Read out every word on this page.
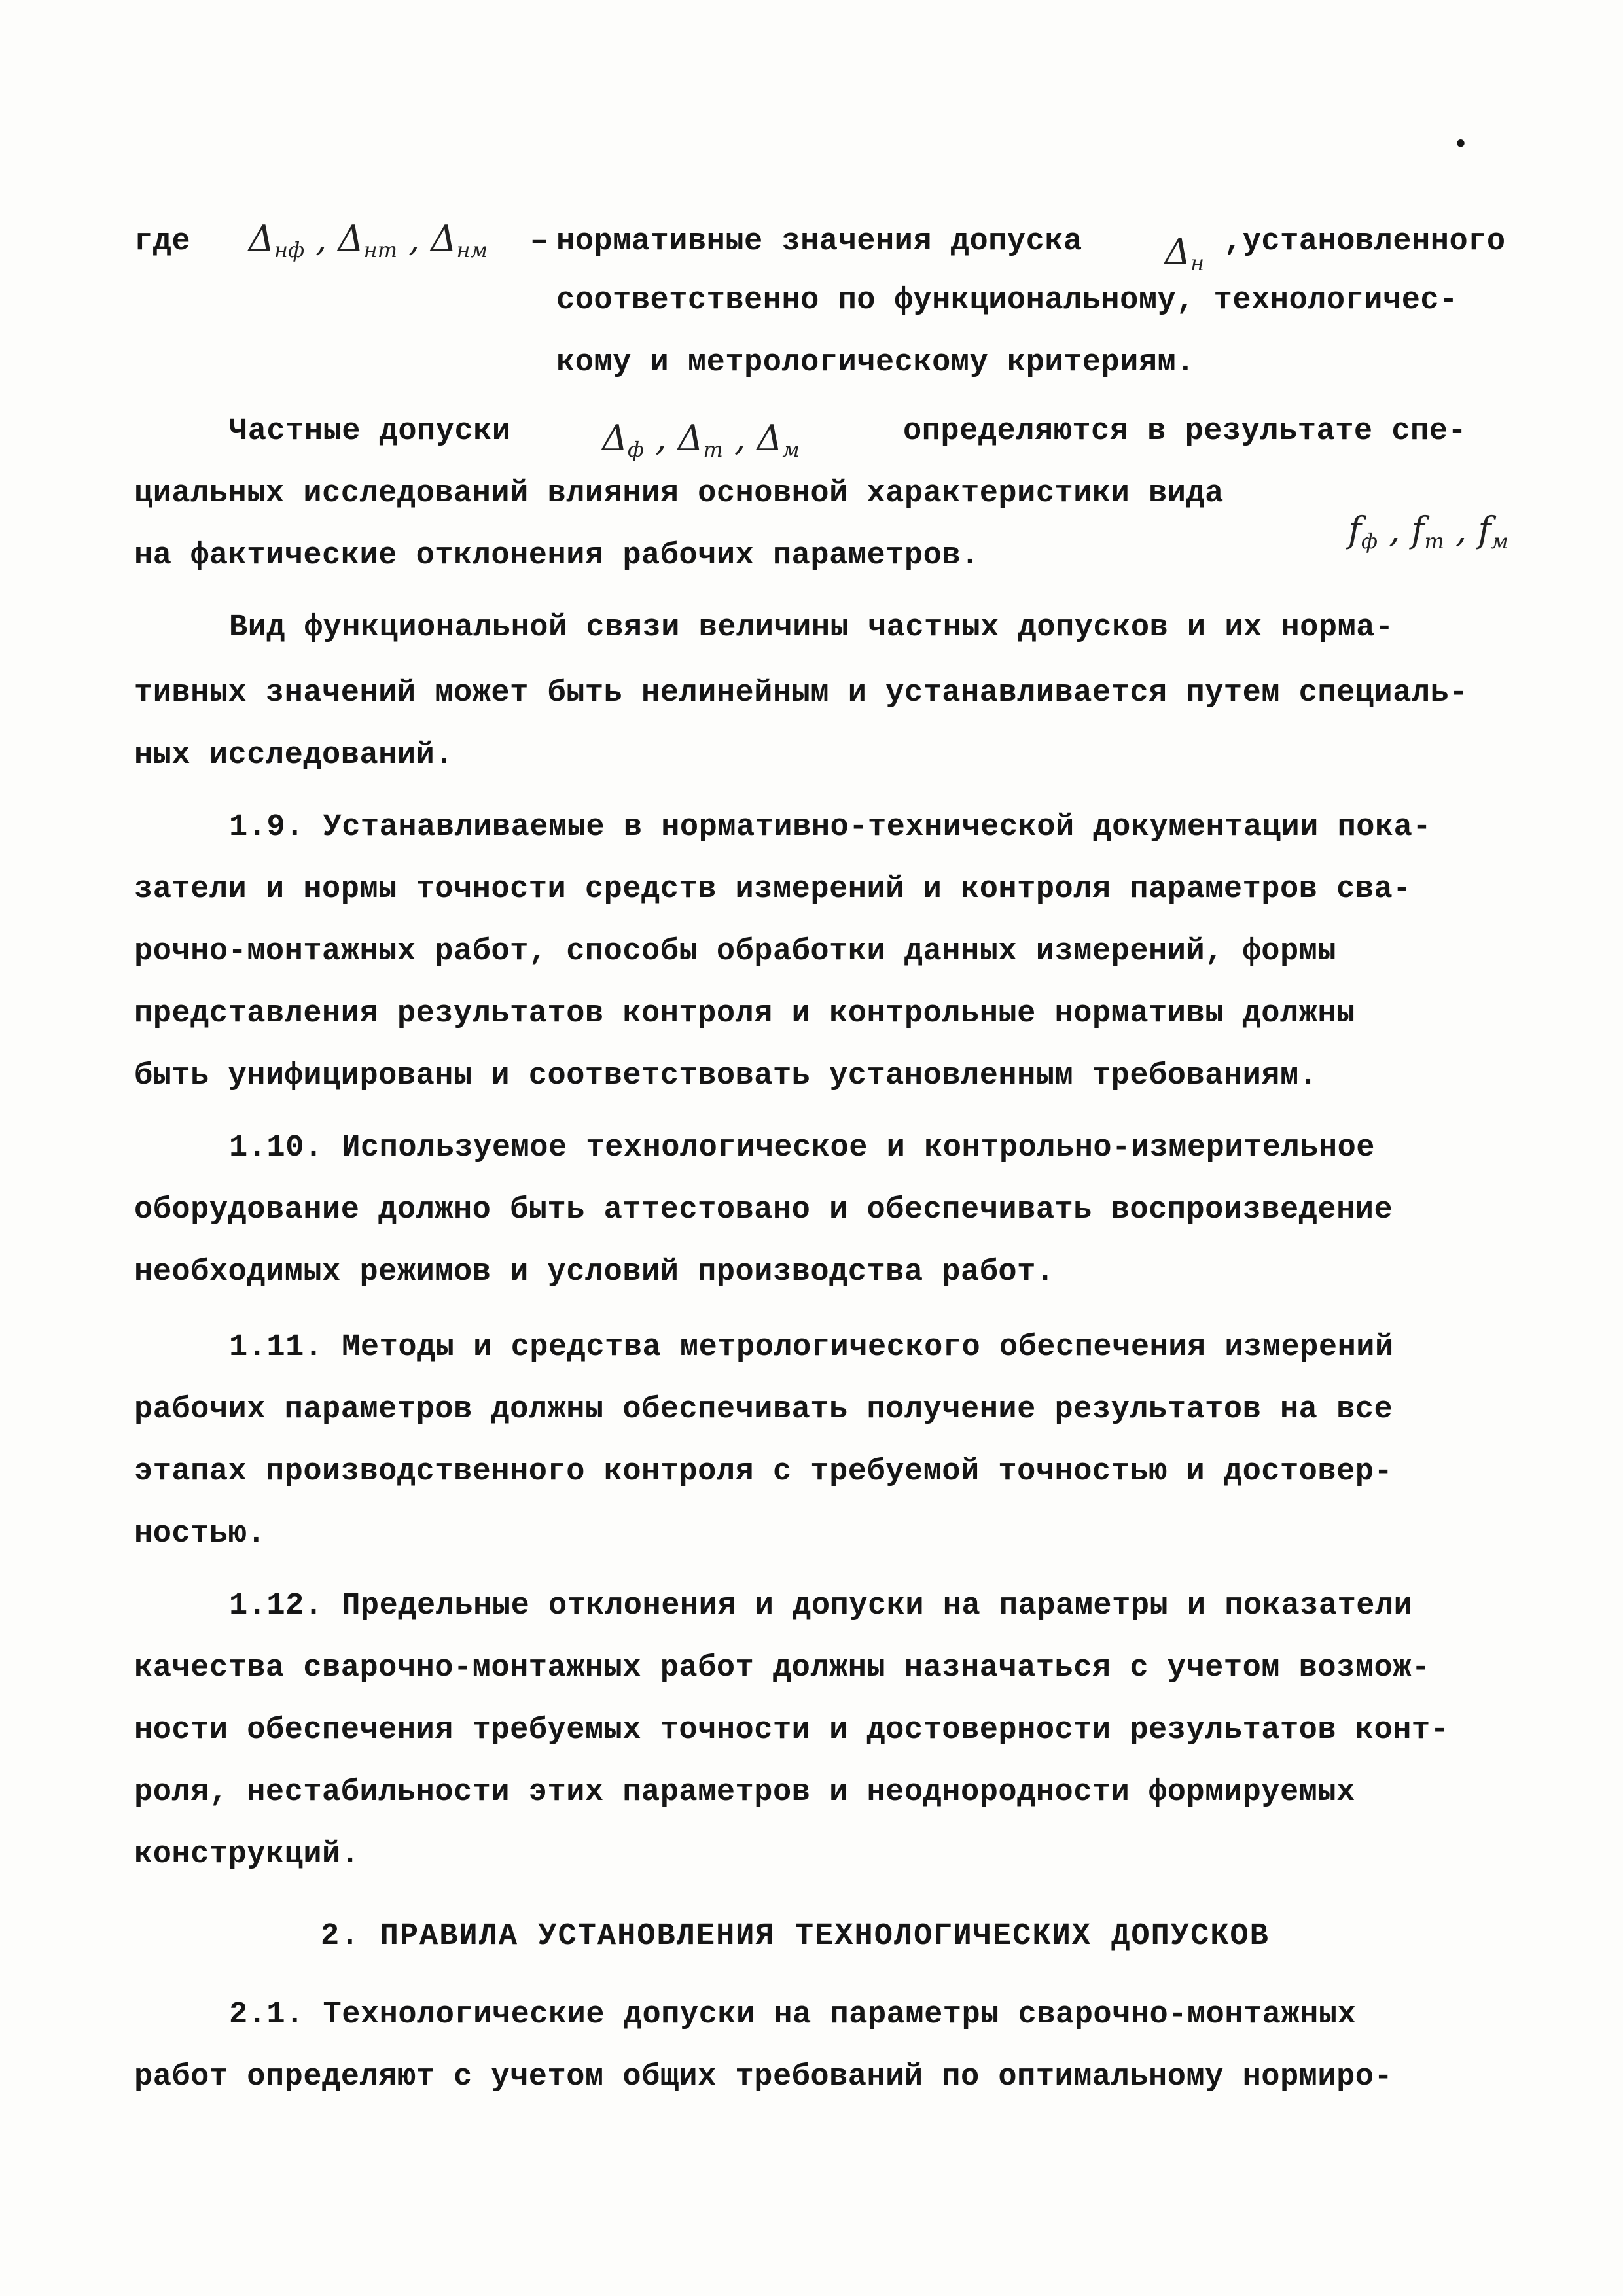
•
где $\Delta_{нф}$ , $\Delta_{нт}$ , $\Delta_{нм}$ – нормативные значения допуска $\Delta_н$
,установленного
соответственно по функциональному, технологичес-
кому и метрологическому критериям.
Частные допуски	$\Delta_ф$ , $\Delta_т$ , $\Delta_м$
определяются в результате спе-
циальных исследований влияния основной характеристики вида
$f_ф$ , $f_т$ , $f_м$
на фактические отклонения рабочих параметров.
Вид функциональной связи величины частных допусков и их норма-
тивных значений может быть нелинейным и устанавливается путем специаль-
ных исследований.
1.9. Устанавливаемые в нормативно-технической документации пока-
затели и нормы точности средств измерений и контроля параметров сва-
рочно-монтажных работ, способы обработки данных измерений, формы
представления результатов контроля и контрольные нормативы должны
быть унифицированы и соответствовать установленным требованиям.
1.10. Используемое технологическое и контрольно-измерительное
оборудование должно быть аттестовано и обеспечивать воспроизведение
необходимых режимов и условий производства работ.
1.11. Методы и средства метрологического обеспечения измерений
рабочих параметров должны обеспечивать получение результатов на все
этапах производственного контроля с требуемой точностью и достовер-
ностью.
1.12. Предельные отклонения и допуски на параметры и показатели
качества сварочно-монтажных работ должны назначаться с учетом возмож-
ности обеспечения требуемых точности и достоверности результатов конт-
роля, нестабильности этих параметров и неоднородности формируемых
конструкций.
2. ПРАВИЛА УСТАНОВЛЕНИЯ ТЕХНОЛОГИЧЕСКИХ ДОПУСКОВ
2.1. Технологические допуски на параметры сварочно-монтажных
работ определяют с учетом общих требований по оптимальному нормиро-
